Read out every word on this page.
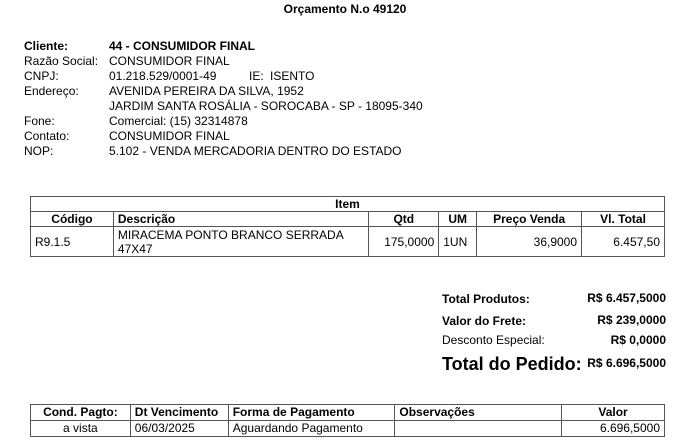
Orçamento N.o 49120
Cliente:	44 - CONSUMIDOR FINAL
Razão Social: CONSUMIDOR FINAL
CNPJ:	01.218.529/0001-49	IE: ISENTO
Endereço:	AVENIDA PEREIRA DA SILVA, 1952
JARDIM SANTA ROSÁLIA - SOROCABA - SP - 18095-340
Fone:	Comercial: (15) 32314878
Contato:	CONSUMIDOR FINAL
NOP:	5.102 - VENDA MERCADORIA DENTRO DO ESTADO
Item					
Código	Descrição	Qtd	UM	Preço Venda	Vl. Total
R9.1.5	MIRACEMA PONTO BRANCO SERRADA 47X47	175,0000	1UN	36,9000	6.457,50
Total Produtos:	R$ 6.457,5000
Valor do Frete:	R$ 239,0000
Desconto Especial:	R$ 0,0000
Total do Pedido: R$ 6.696,5000
Cond. Pagto:	Dt Vencimento	Forma de Pagamento	Observações	Valor
a vista	06/03/2025	Aguardando Pagamento		6.696,5000
